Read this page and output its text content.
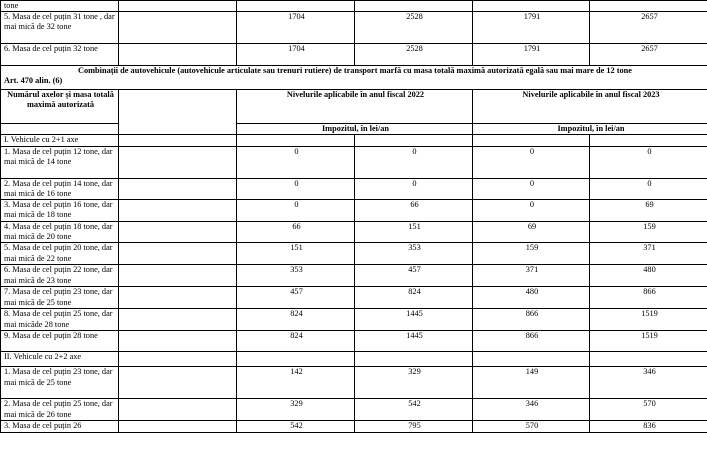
tone					

5. Masa de cel puțin 31 tone , dar mai mică de 32 tone		1704	2528	1791	2657

6. Masa de cel puțin 32 tone		1704	2528	1791	2657

Combinații de autovehicule (autovehicule articulate sau trenuri rutiere) de transport marfă cu masa totală maximă autorizată egală sau mai mare de 12 tone
Art. 470 alin. (6)					
Numărul axelor și masa totală maximă autorizată		Nivelurile aplicabile în anul fiscal 2022		Nivelurile aplicabile în anul fiscal 2023	
		Impozitul, în lei/an		Impozitul, în lei/an	
I. Vehicule cu 2+1 axe					

1. Masa de cel puțin 12 tone, dar mai mică de 14 tone		0	0	0	0

2. Masa de cel puțin 14 tone, dar mai mică de 16 tone		0	0	0	0

3. Masa de cel puțin 16 tone, dar mai mică de 18 tone		0	66	0	69

4. Masa de cel puțin 18 tone, dar mai mică de 20 tone		66	151	69	159

5. Masa de cel puțin 20 tone, dar mai mică de 22 tone		151	353	159	371

6. Masa de cel puțin 22 tone, dar mai mică de 23 tone		353	457	371	480

7. Masa de cel puțin 23 tone, dar mai mică de 25 tone		457	824	480	866

8. Masa de cel puțin 25 tone, dar mai micăde 28 tone		824	1445	866	1519

9. Masa de cel puțin 28 tone		824	1445	866	1519
II. Vehicule cu 2+2 axe					

1. Masa de cel puțin 23 tone, dar mai mică de 25 tone		142	329	149	346

2. Masa de cel puțin 25 tone, dar mai mică de 26 tone		329	542	346	570

3. Masa de cel puțin 26		542	795	570	836
